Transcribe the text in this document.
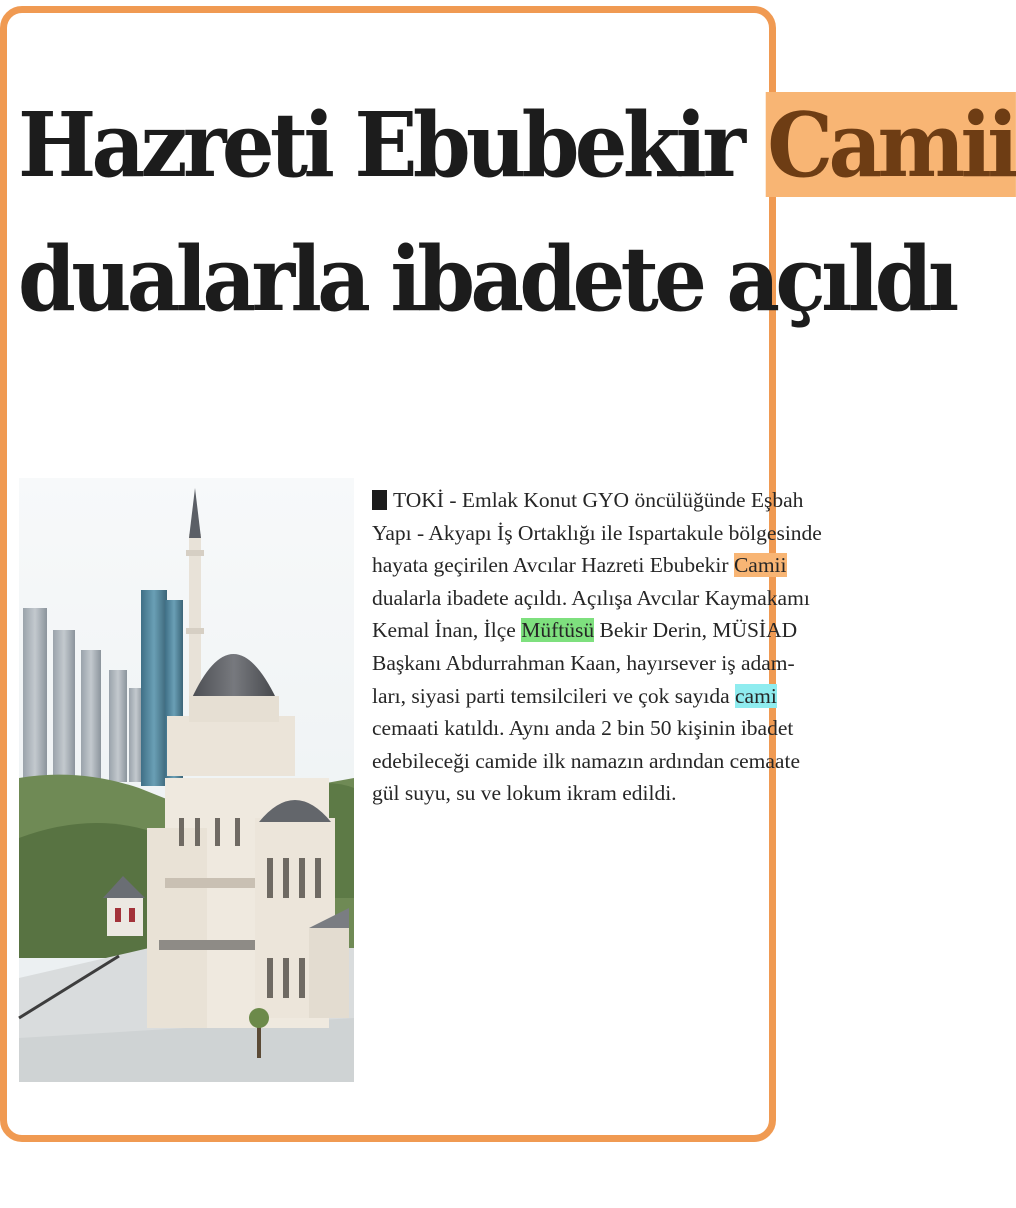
Hazreti Ebubekir Camii
dualarla ibadete açıldı
TOKİ - Emlak Konut GYO öncülüğünde Eşbah
Yapı - Akyapı İş Ortaklığı ile Ispartakule bölgesinde
hayata geçirilen Avcılar Hazreti Ebubekir Camii
dualarla ibadete açıldı. Açılışa Avcılar Kaymakamı
Kemal İnan, İlçe Müftüsü Bekir Derin, MÜSİAD
Başkanı Abdurrahman Kaan, hayırsever iş adam-
ları, siyasi parti temsilcileri ve çok sayıda cami
cemaati katıldı. Aynı anda 2 bin 50 kişinin ibadet
edebileceği camide ilk namazın ardından cemaate
gül suyu, su ve lokum ikram edildi.
